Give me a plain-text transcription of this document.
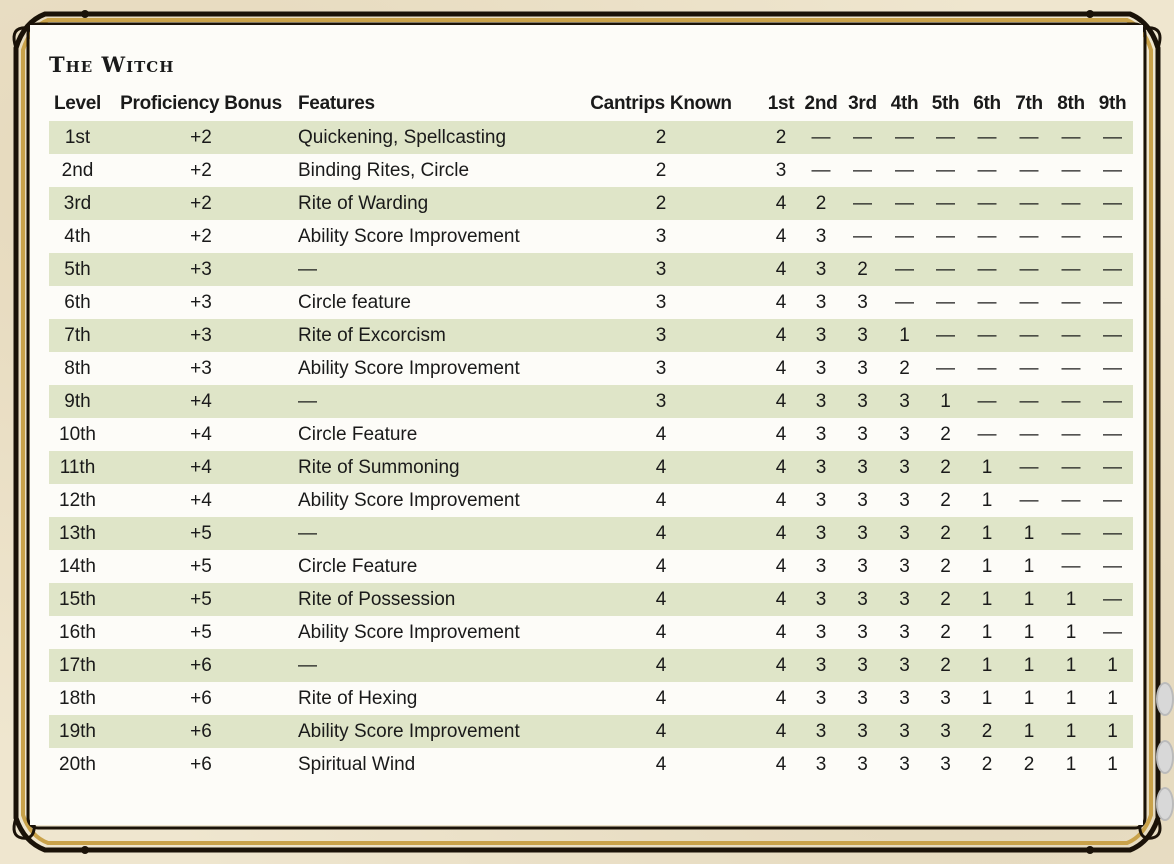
The Witch
Level	Proficiency Bonus	Features	Cantrips Known	1st	2nd	3rd	4th	5th	6th	7th	8th	9th
1st	+2	Quickening, Spellcasting	2	2	—	—	—	—	—	—	—	—
2nd	+2	Binding Rites, Circle	2	3	—	—	—	—	—	—	—	—
3rd	+2	Rite of Warding	2	4	2	—	—	—	—	—	—	—
4th	+2	Ability Score Improvement	3	4	3	—	—	—	—	—	—	—
5th	+3	—	3	4	3	2	—	—	—	—	—	—
6th	+3	Circle feature	3	4	3	3	—	—	—	—	—	—
7th	+3	Rite of Excorcism	3	4	3	3	1	—	—	—	—	—
8th	+3	Ability Score Improvement	3	4	3	3	2	—	—	—	—	—
9th	+4	—	3	4	3	3	3	1	—	—	—	—
10th	+4	Circle Feature	4	4	3	3	3	2	—	—	—	—
11th	+4	Rite of Summoning	4	4	3	3	3	2	1	—	—	—
12th	+4	Ability Score Improvement	4	4	3	3	3	2	1	—	—	—
13th	+5	—	4	4	3	3	3	2	1	1	—	—
14th	+5	Circle Feature	4	4	3	3	3	2	1	1	—	—
15th	+5	Rite of Possession	4	4	3	3	3	2	1	1	1	—
16th	+5	Ability Score Improvement	4	4	3	3	3	2	1	1	1	—
17th	+6	—	4	4	3	3	3	2	1	1	1	1
18th	+6	Rite of Hexing	4	4	3	3	3	3	1	1	1	1
19th	+6	Ability Score Improvement	4	4	3	3	3	3	2	1	1	1
20th	+6	Spiritual Wind	4	4	3	3	3	3	2	2	1	1
